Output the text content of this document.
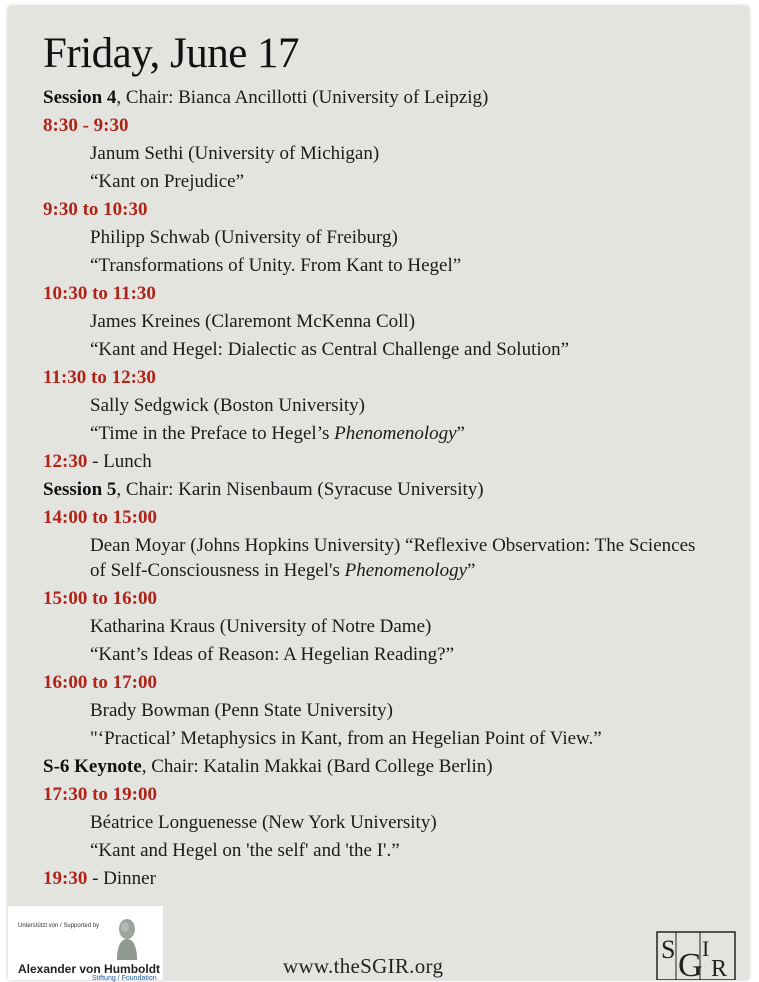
Friday, June 17
Session 4, Chair: Bianca Ancillotti (University of Leipzig)
8:30 - 9:30
Janum Sethi (University of Michigan)
“Kant on Prejudice”
9:30 to 10:30
Philipp Schwab (University of Freiburg)
“Transformations of Unity. From Kant to Hegel”
10:30 to 11:30
James Kreines (Claremont McKenna Coll)
“Kant and Hegel: Dialectic as Central Challenge and Solution”
11:30 to 12:30
Sally Sedgwick (Boston University)
“Time in the Preface to Hegel’s Phenomenology”
12:30 - Lunch
Session 5, Chair: Karin Nisenbaum (Syracuse University)
14:00 to 15:00
Dean Moyar (Johns Hopkins University) “Reflexive Observation: The Sciences
of Self-Consciousness in Hegel's Phenomenology”
15:00 to 16:00
Katharina Kraus (University of Notre Dame)
“Kant’s Ideas of Reason: A Hegelian Reading?”
16:00 to 17:00
Brady Bowman (Penn State University)
"‘Practical’ Metaphysics in Kant, from an Hegelian Point of View.”
S-6 Keynote, Chair: Katalin Makkai (Bard College Berlin)
17:30 to 19:00
Béatrice Longuenesse (New York University)
“Kant and Hegel on 'the self' and 'the I'.”
19:30 - Dinner
Unterstützt von / Supported by
Alexander von Humboldt
Stiftung / Foundation
www.theSGIR.org
S G I
R
